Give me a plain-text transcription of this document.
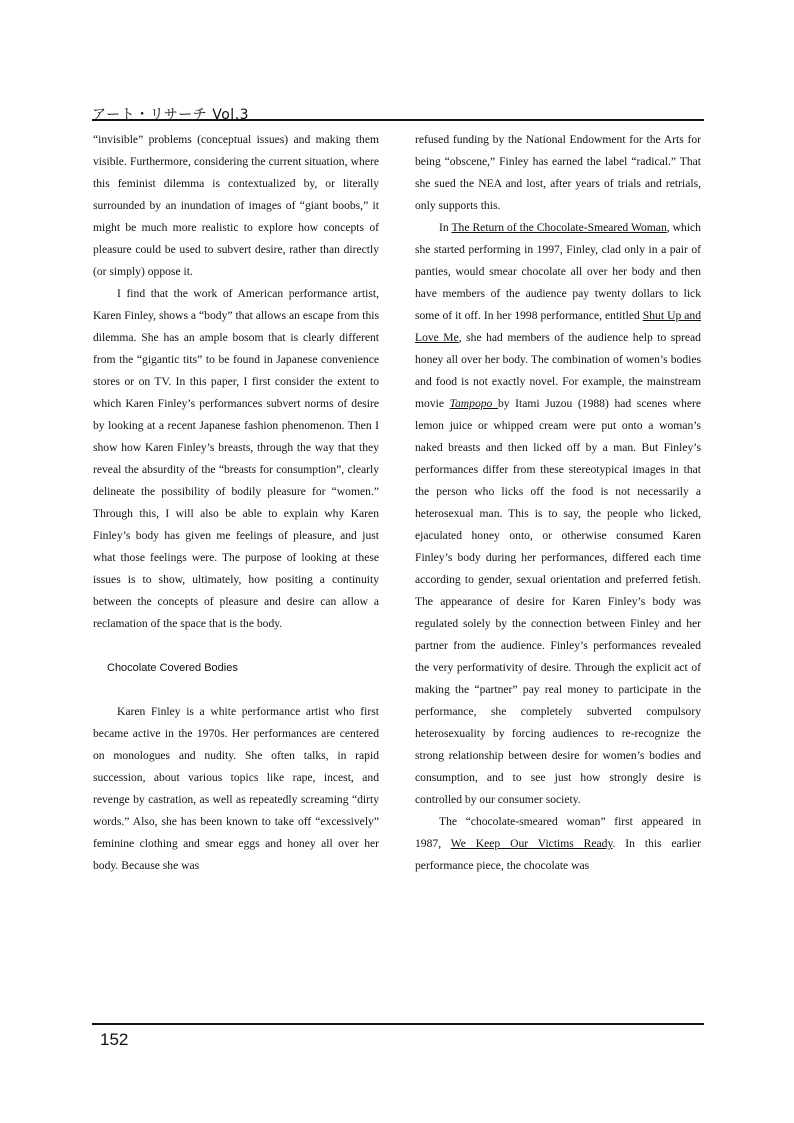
アート・リサーチ Vol.3

“invisible” problems (conceptual issues) and making them visible. Furthermore, considering the current situation, where this feminist dilemma is contextualized by, or literally surrounded by an inundation of images of “giant boobs,” it might be much more realistic to explore how concepts of pleasure could be used to subvert desire, rather than directly (or simply) oppose it.

I find that the work of American performance artist, Karen Finley, shows a “body” that allows an escape from this dilemma. She has an ample bosom that is clearly different from the “gigantic tits” to be found in Japanese convenience stores or on TV. In this paper, I first consider the extent to which Karen Finley’s performances subvert norms of desire by looking at a recent Japanese fashion phenomenon. Then I show how Karen Finley’s breasts, through the way that they reveal the absurdity of the “breasts for consumption”, clearly delineate the possibility of bodily pleasure for “women.” Through this, I will also be able to explain why Karen Finley’s body has given me feelings of pleasure, and just what those feelings were. The purpose of looking at these issues is to show, ultimately, how positing a continuity between the concepts of pleasure and desire can allow a reclamation of the space that is the body.

Chocolate Covered Bodies

Karen Finley is a white performance artist who first became active in the 1970s. Her performances are centered on monologues and nudity. She often talks, in rapid succession, about various topics like rape, incest, and revenge by castration, as well as repeatedly screaming “dirty words.” Also, she has been known to take off “excessively” feminine clothing and smear eggs and honey all over her body. Because she was

refused funding by the National Endowment for the Arts for being “obscene,” Finley has earned the label “radical.” That she sued the NEA and lost, after years of trials and retrials, only supports this.

In The Return of the Chocolate-Smeared Woman, which she started performing in 1997, Finley, clad only in a pair of panties, would smear chocolate all over her body and then have members of the audience pay twenty dollars to lick some of it off. In her 1998 performance, entitled Shut Up and Love Me, she had members of the audience help to spread honey all over her body. The combination of women’s bodies and food is not exactly novel. For example, the mainstream movie Tampopo by Itami Juzou (1988) had scenes where lemon juice or whipped cream were put onto a woman’s naked breasts and then licked off by a man. But Finley’s performances differ from these stereotypical images in that the person who licks off the food is not necessarily a heterosexual man. This is to say, the people who licked, ejaculated honey onto, or otherwise consumed Karen Finley’s body during her performances, differed each time according to gender, sexual orientation and preferred fetish. The appearance of desire for Karen Finley’s body was regulated solely by the connection between Finley and her partner from the audience. Finley’s performances revealed the very performativity of desire. Through the explicit act of making the “partner” pay real money to participate in the performance, she completely subverted compulsory heterosexuality by forcing audiences to re-recognize the strong relationship between desire for women’s bodies and consumption, and to see just how strongly desire is controlled by our consumer society.

The “chocolate-smeared woman” first appeared in 1987, We Keep Our Victims Ready. In this earlier performance piece, the chocolate was

152
